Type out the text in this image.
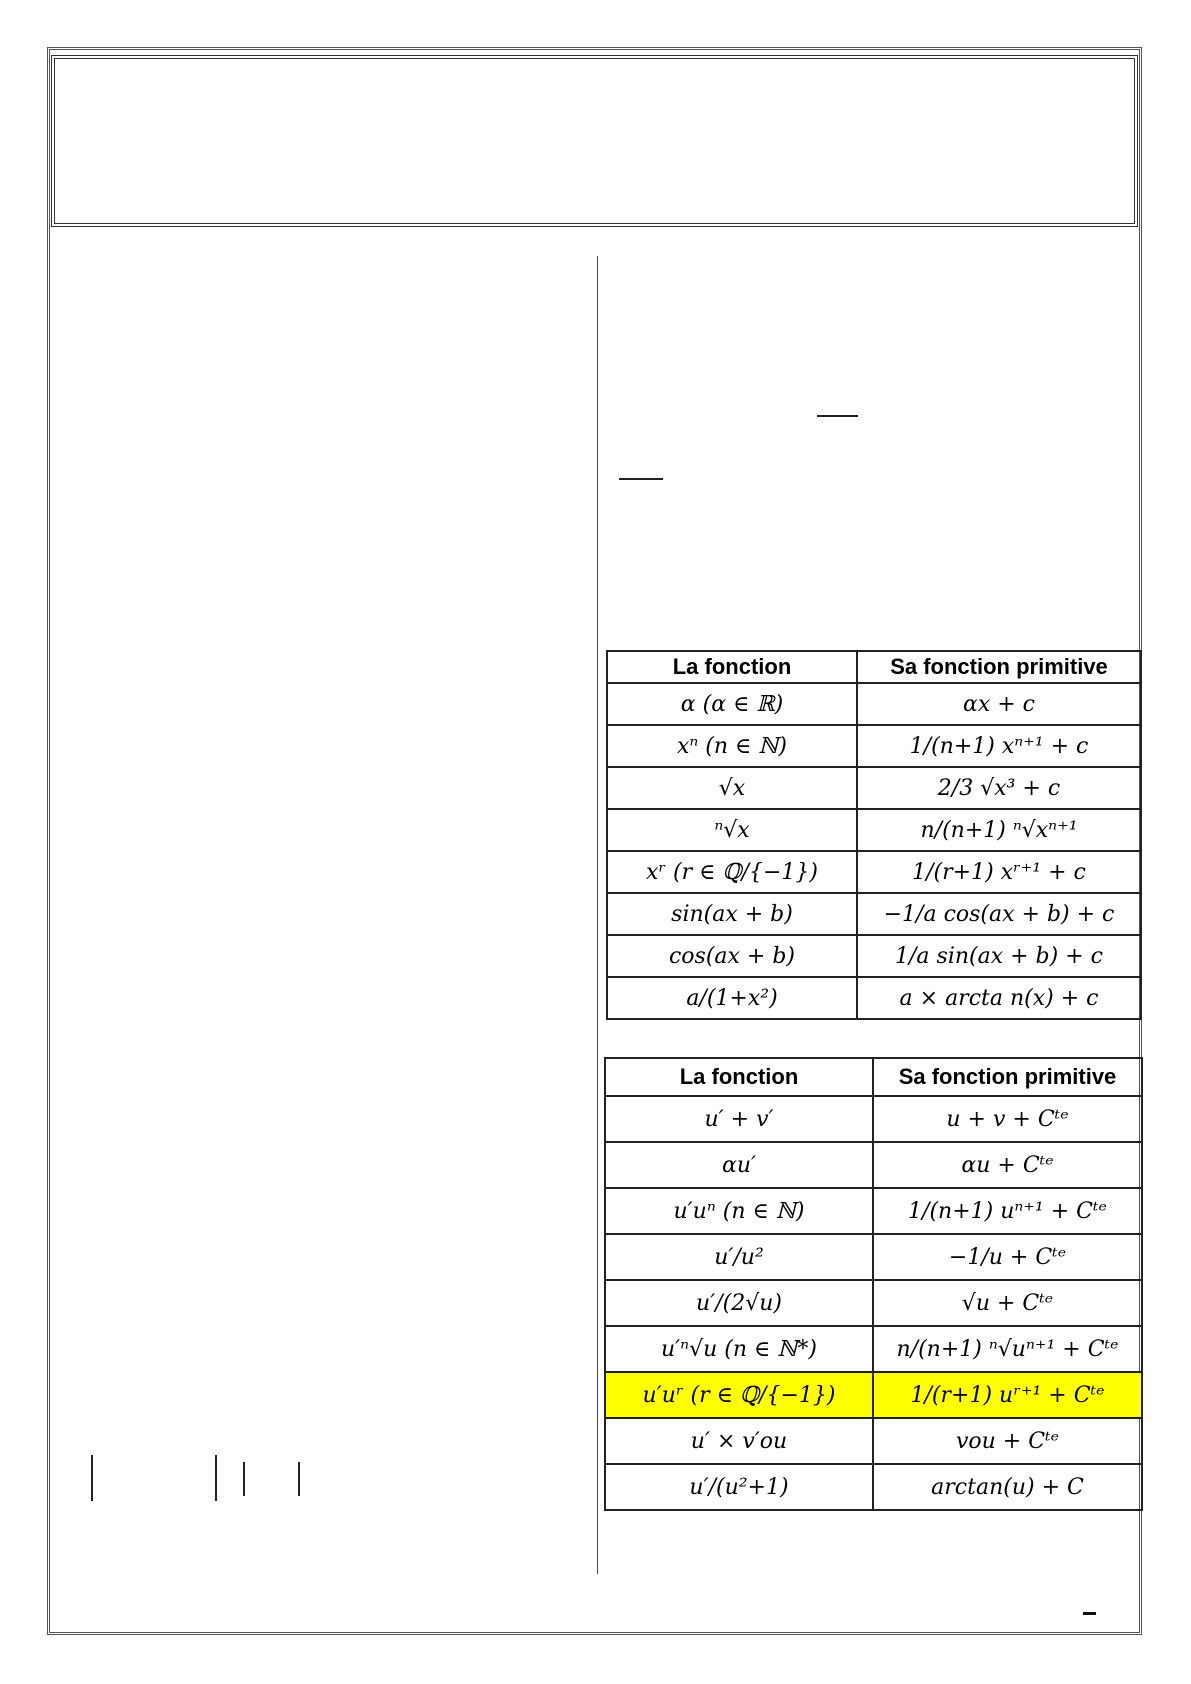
La fonction	Sa fonction primitive
α (α ∈ ℝ)	αx + c
xⁿ (n ∈ ℕ)	1/(n+1) xⁿ⁺¹ + c
√x	2/3 √x³ + c
ⁿ√x	n/(n+1) ⁿ√xⁿ⁺¹
xʳ (r ∈ ℚ/{−1})	1/(r+1) xʳ⁺¹ + c
sin(ax + b)	−1/a cos(ax + b) + c
cos(ax + b)	1/a sin(ax + b) + c
a/(1+x²)	a × arcta n(x) + c
La fonction	Sa fonction primitive
u′ + v′	u + v + Cᵗᵉ
αu′	αu + Cᵗᵉ
u′uⁿ (n ∈ ℕ)	1/(n+1) uⁿ⁺¹ + Cᵗᵉ
u′/u²	−1/u + Cᵗᵉ
u′/(2√u)	√u + Cᵗᵉ
u′ⁿ√u (n ∈ ℕ*)	n/(n+1) ⁿ√uⁿ⁺¹ + Cᵗᵉ
u′uʳ (r ∈ ℚ/{−1})	1/(r+1) uʳ⁺¹ + Cᵗᵉ
u′ × v′ou	vou + Cᵗᵉ
u′/(u²+1)	arctan(u) + C
